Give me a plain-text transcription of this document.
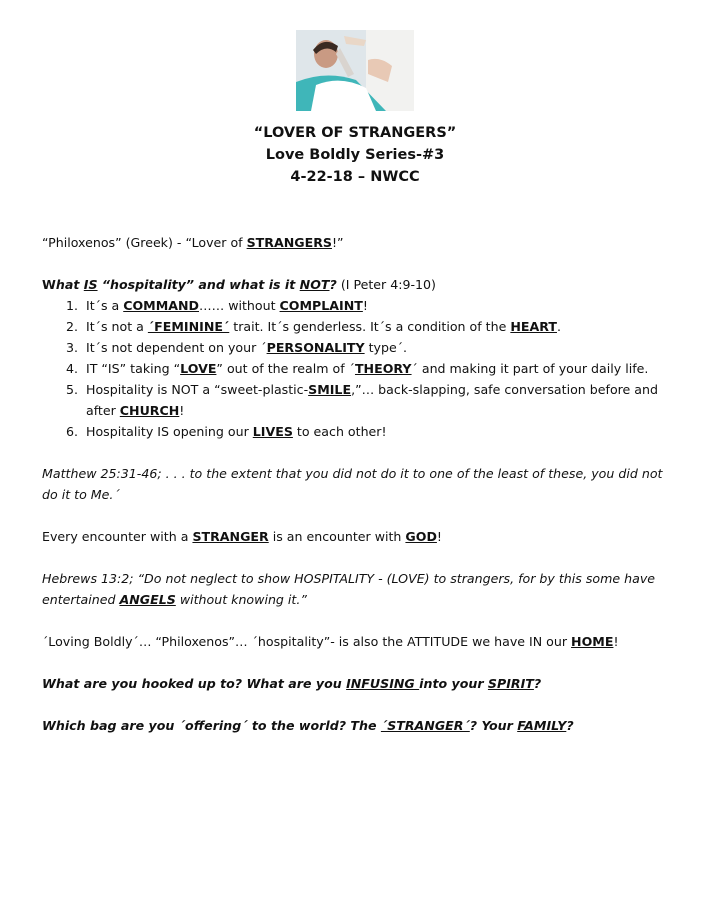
“LOVER OF STRANGERS”
Love Boldly Series-#3
4-22-18 – NWCC

“Philoxenos” (Greek) - “Lover of STRANGERS!”

What IS “hospitality” and what is it NOT? (I Peter 4:9-10)

1. It´s a COMMAND…… without COMPLAINT!
2. It´s not a ´FEMININE´ trait. It´s genderless. It´s a condition of the HEART.
3. It´s not dependent on your ´PERSONALITY type´.
4. IT “IS” taking “LOVE” out of the realm of ´THEORY´ and making it part of your daily life.
5. Hospitality is NOT a “sweet-plastic-SMILE,”… back-slapping, safe conversation before and after CHURCH!
6. Hospitality IS opening our LIVES to each other!

Matthew 25:31-46; . . . to the extent that you did not do it to one of the least of these, you did not do it to Me.´

Every encounter with a STRANGER is an encounter with GOD!

Hebrews 13:2; “Do not neglect to show HOSPITALITY - (LOVE) to strangers, for by this some have entertained ANGELS without knowing it.”

´Loving Boldly´… “Philoxenos”… ´hospitality”- is also the ATTITUDE we have IN our HOME!

What are you hooked up to? What are you INFUSING into your SPIRIT?

Which bag are you ´offering´ to the world? The ´STRANGER´? Your FAMILY?
